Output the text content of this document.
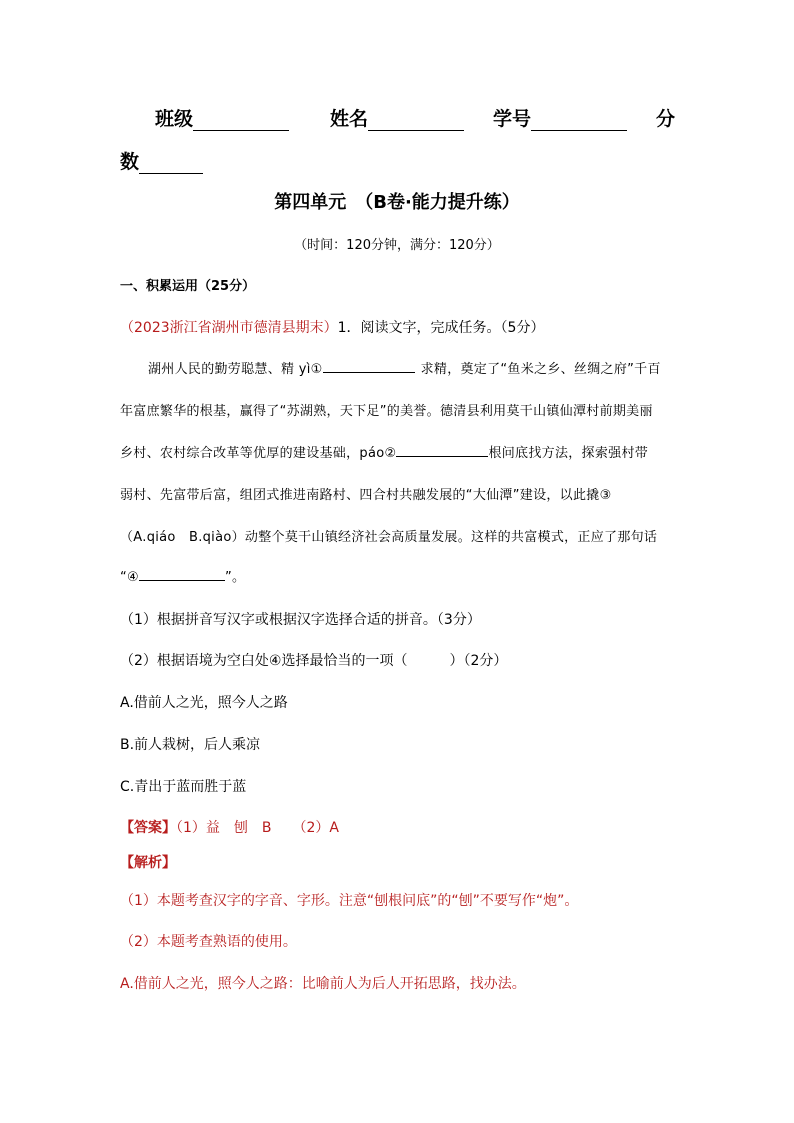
班级	姓名	学号	分
数
第四单元　（B卷·能力提升练）
（时间：120分钟，满分：120分）
一、积累运用（25分）
（2023浙江省湖州市德清县期末）1．阅读文字，完成任务。（5分）
湖州人民的勤劳聪慧、精 yì①	求精，奠定了“鱼米之乡、丝绸之府”千百
年富庶繁华的根基，赢得了“苏湖熟，天下足”的美誉。德清县利用莫干山镇仙潭村前期美丽
乡村、农村综合改革等优厚的建设基础，páo②	根问底找方法，探索强村带
弱村、先富带后富，组团式推进南路村、四合村共融发展的“大仙潭”建设，以此撬③
（A.qiáo　B.qiào）动整个莫干山镇经济社会高质量发展。这样的共富模式，正应了那句话
“④	”。
（1）根据拼音写汉字或根据汉字选择合适的拼音。（3分）
（2）根据语境为空白处④选择最恰当的一项（　　　）（2分）
A.借前人之光，照今人之路
B.前人栽树，后人乘凉
C.青出于蓝而胜于蓝
【答案】（1）益　刨　B　　（2）A
【解析】
（1）本题考查汉字的字音、字形。注意“刨根问底”的“刨”不要写作“炮”。
（2）本题考查熟语的使用。
A.借前人之光，照今人之路：比喻前人为后人开拓思路，找办法。
